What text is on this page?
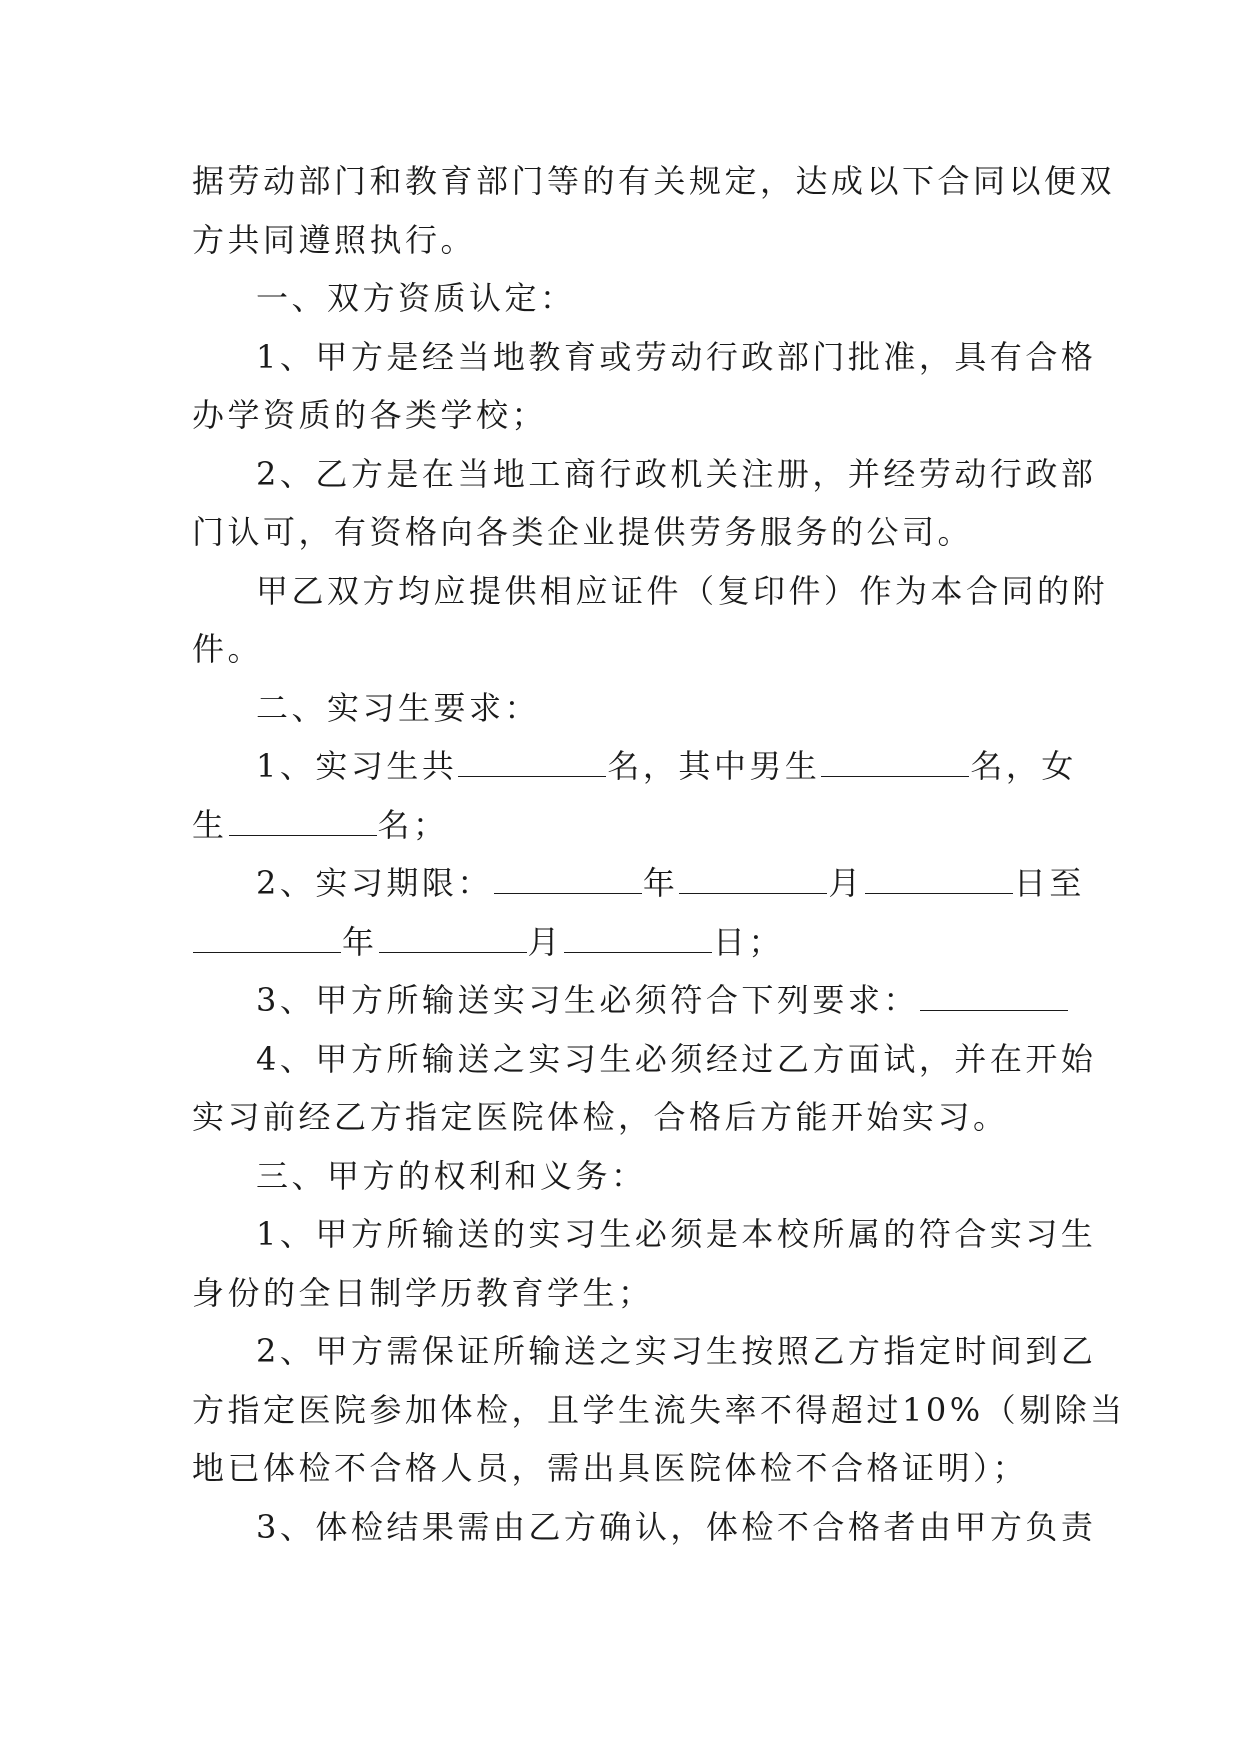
据劳动部门和教育部门等的有关规定，达成以下合同以便双
方共同遵照执行。
一、双方资质认定：
1、甲方是经当地教育或劳动行政部门批准，具有合格
办学资质的各类学校；
2、乙方是在当地工商行政机关注册，并经劳动行政部
门认可，有资格向各类企业提供劳务服务的公司。
甲乙双方均应提供相应证件（复印件）作为本合同的附
件。
二、实习生要求：
1、实习生共	名，其中男生	名，女
生	名；
2、实习期限：	年	月	日至
年	月	日；
3、甲方所输送实习生必须符合下列要求：
4、甲方所输送之实习生必须经过乙方面试，并在开始
实习前经乙方指定医院体检，合格后方能开始实习。
三、甲方的权利和义务：
1、甲方所输送的实习生必须是本校所属的符合实习生
身份的全日制学历教育学生；
2、甲方需保证所输送之实习生按照乙方指定时间到乙
方指定医院参加体检，且学生流失率不得超过10%（剔除当
地已体检不合格人员，需出具医院体检不合格证明）；
3、体检结果需由乙方确认，体检不合格者由甲方负责
